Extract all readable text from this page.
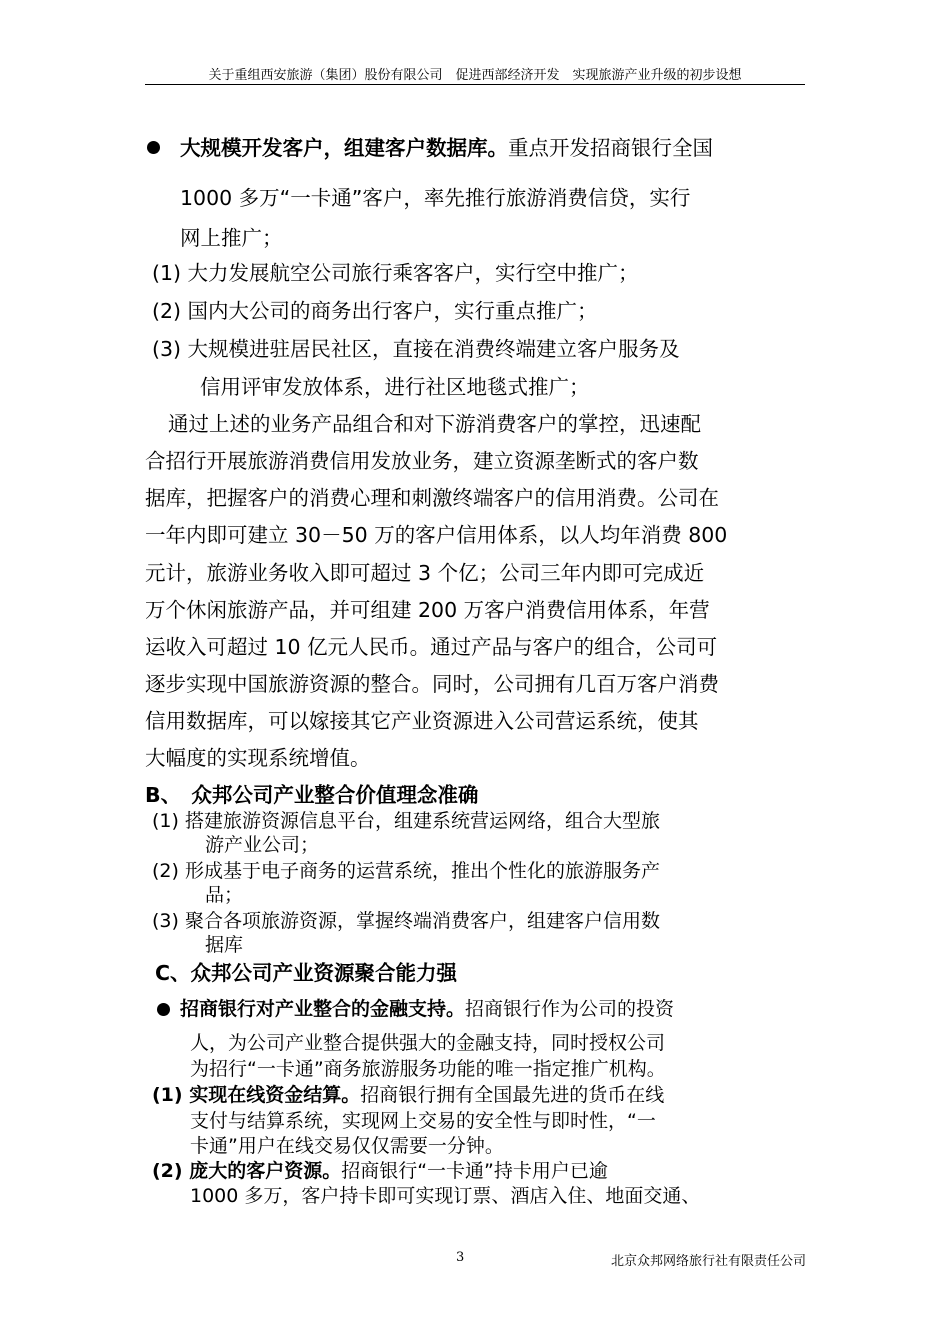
关于重组西安旅游（集团）股份有限公司　促进西部经济开发　实现旅游产业升级的初步设想
大规模开发客户，组建客户数据库。重点开发招商银行全国
1000 多万“一卡通”客户，率先推行旅游消费信贷，实行
网上推广；
(1) 大力发展航空公司旅行乘客客户，实行空中推广；
(2) 国内大公司的商务出行客户，实行重点推广；
(3) 大规模进驻居民社区，直接在消费终端建立客户服务及
信用评审发放体系，进行社区地毯式推广；
通过上述的业务产品组合和对下游消费客户的掌控，迅速配
合招行开展旅游消费信用发放业务，建立资源垄断式的客户数
据库，把握客户的消费心理和刺激终端客户的信用消费。公司在
一年内即可建立 30－50 万的客户信用体系，以人均年消费 800
元计，旅游业务收入即可超过 3 个亿；公司三年内即可完成近
万个休闲旅游产品，并可组建 200 万客户消费信用体系，年营
运收入可超过 10 亿元人民币。通过产品与客户的组合，公司可
逐步实现中国旅游资源的整合。同时，公司拥有几百万客户消费
信用数据库，可以嫁接其它产业资源进入公司营运系统，使其
大幅度的实现系统增值。
B、　众邦公司产业整合价值理念准确
(1) 搭建旅游资源信息平台，组建系统营运网络，组合大型旅
游产业公司；
(2) 形成基于电子商务的运营系统，推出个性化的旅游服务产
品；
(3) 聚合各项旅游资源，掌握终端消费客户，组建客户信用数
据库
C、众邦公司产业资源聚合能力强
招商银行对产业整合的金融支持。招商银行作为公司的投资
人，为公司产业整合提供强大的金融支持，同时授权公司
为招行“一卡通”商务旅游服务功能的唯一指定推广机构。
(1) 实现在线资金结算。招商银行拥有全国最先进的货币在线
支付与结算系统，实现网上交易的安全性与即时性，“一
卡通”用户在线交易仅仅需要一分钟。
(2) 庞大的客户资源。招商银行“一卡通”持卡用户已逾
1000 多万，客户持卡即可实现订票、酒店入住、地面交通、
3	北京众邦网络旅行社有限责任公司
